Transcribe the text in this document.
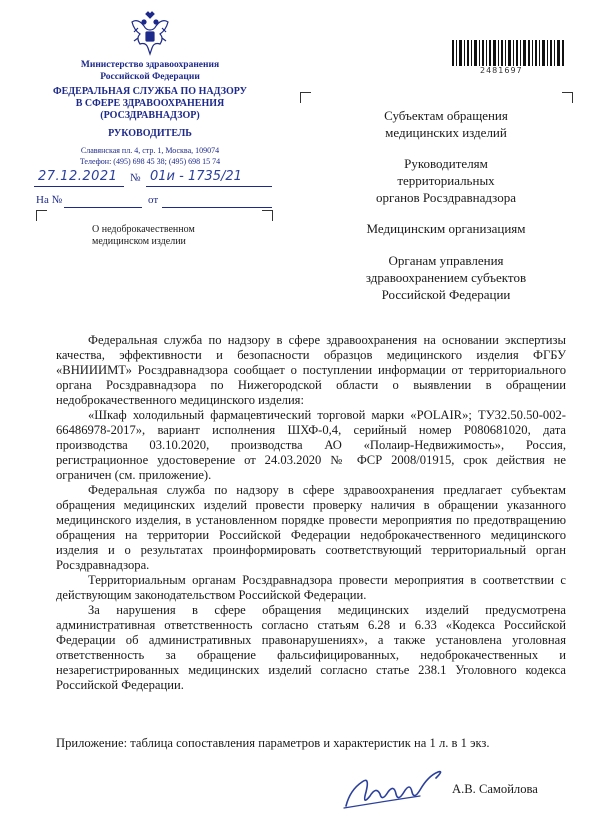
Министерство здравоохранения
Российской Федерации
ФЕДЕРАЛЬНАЯ СЛУЖБА ПО НАДЗОРУ
В СФЕРЕ ЗДРАВООХРАНЕНИЯ
(РОСЗДРАВНАДЗОР)
РУКОВОДИТЕЛЬ
Славянская пл. 4, стр. 1, Москва, 109074
Телефон: (495) 698 45 38; (495) 698 15 74
27.12.2021 № 01и - 1735/21
На №	от
О недоброкачественном
медицинском изделии
2481697
Субъектам обращения
медицинских изделий
Руководителям
территориальных
органов Росздравнадзора
Медицинским организациям
Органам управления
здравоохранением субъектов
Российской Федерации

Федеральная служба по надзору в сфере здравоохранения на основании экспертизы качества, эффективности и безопасности образцов медицинского изделия ФГБУ «ВНИИИМТ» Росздравнадзора сообщает о поступлении информации от территориального органа Росздравнадзора по Нижегородской области о выявлении в обращении недоброкачественного медицинского изделия:

«Шкаф холодильный фармацевтический торговой марки «POLAIR»; ТУ32.50.50-002-66486978-2017», вариант исполнения ШХФ-0,4, серийный номер P080681020, дата производства 03.10.2020, производства АО «Полаир-Недвижимость», Россия, регистрационное удостоверение от 24.03.2020 № ФСР 2008/01915, срок действия не ограничен (см. приложение).

Федеральная служба по надзору в сфере здравоохранения предлагает субъектам обращения медицинских изделий провести проверку наличия в обращении указанного медицинского изделия, в установленном порядке провести мероприятия по предотвращению обращения на территории Российской Федерации недоброкачественного медицинского изделия и о результатах проинформировать соответствующий территориальный орган Росздравнадзора.

Территориальным органам Росздравнадзора провести мероприятия в соответствии с действующим законодательством Российской Федерации.

За нарушения в сфере обращения медицинских изделий предусмотрена административная ответственность согласно статьям 6.28 и 6.33 «Кодекса Российской Федерации об административных правонарушениях», а также установлена уголовная ответственность за обращение фальсифицированных, недоброкачественных и незарегистрированных медицинских изделий согласно статье 238.1 Уголовного кодекса Российской Федерации.

Приложение: таблица сопоставления параметров и характеристик на 1 л. в 1 экз.
А.В. Самойлова
